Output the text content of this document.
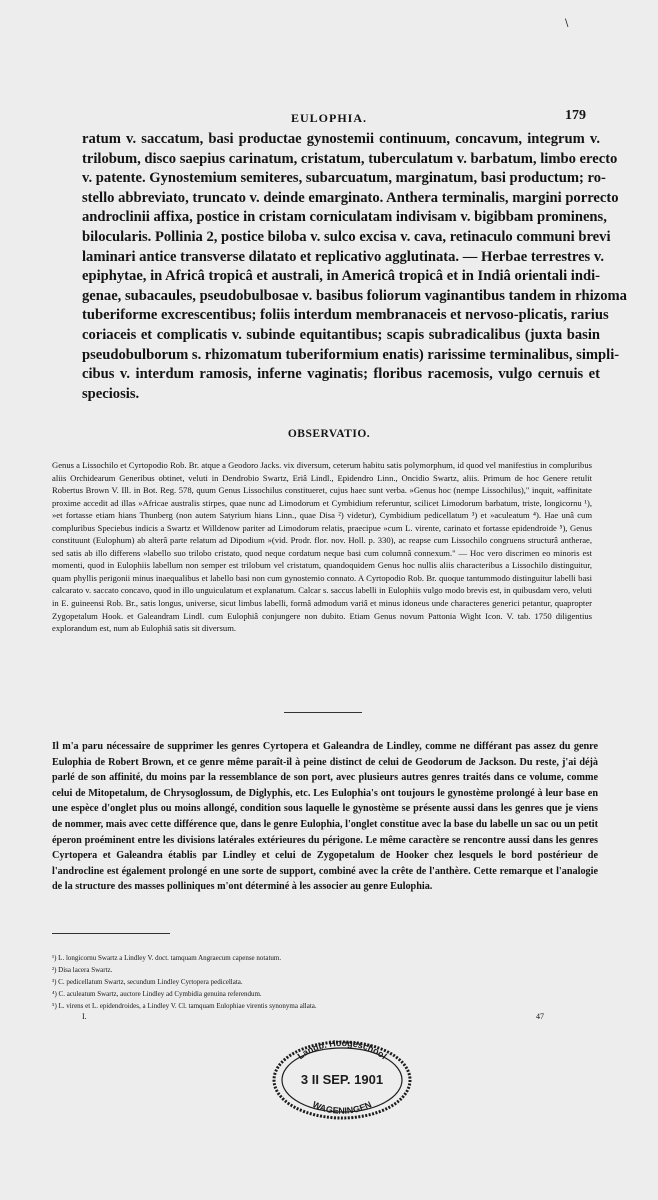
\
EULOPHIA.	179
ratum v. saccatum, basi productae gynostemii continuum, concavum, integrum v.
trilobum, disco saepius carinatum, cristatum, tuberculatum v. barbatum, limbo erecto
v. patente. Gynostemium semiteres, subarcuatum, marginatum, basi productum; ro-
stello abbreviato, truncato v. deinde emarginato. Anthera terminalis, margini porrecto
androclinii affixa, postice in cristam corniculatam indivisam v. bigibbam prominens,
bilocularis. Pollinia 2, postice biloba v. sulco excisa v. cava, retinaculo communi brevi
laminari antice transverse dilatato et replicativo agglutinata. — Herbae terrestres v.
epiphytae, in Africâ tropicâ et australi, in Americâ tropicâ et in Indiâ orientali indi-
genae, subacaules, pseudobulbosae v. basibus foliorum vaginantibus tandem in rhizoma
tuberiforme excrescentibus; foliis interdum membranaceis et nervoso-plicatis, rarius
coriaceis et complicatis v. subinde equitantibus; scapis subradicalibus (juxta basin
pseudobulborum s. rhizomatum tuberiformium enatis) rarissime terminalibus, simpli-
cibus v. interdum ramosis, inferne vaginatis; floribus racemosis, vulgo cernuis et
speciosis.
OBSERVATIO.
Genus a Lissochilo et Cyrtopodio Rob. Br. atque a Geodoro Jacks. vix diversum, ceterum habitu satis polymorphum, id quod vel manifestius in compluribus aliis Orchidearum Generibus obtinet, veluti in Dendrobio Swartz, Eriâ Lindl., Epidendro Linn., Oncidio Swartz, aliis. Primum de hoc Genere retulit Robertus Brown V. Ill. in Bot. Reg. 578, quum Genus Lissochilus constitueret, cujus haec sunt verba. »Genus hoc (nempe Lissochilus)," inquit, »affinitate proxime accedit ad illas »Africae australis stirpes, quae nunc ad Limodorum et Cymbidium referuntur, scilicet Limodorum barbatum, triste, longicornu ¹), »et fortasse etiam hians Thunberg (non autem Satyrium hians Linn., quae Disa ²) videtur), Cymbidium pedicellatum ³) et »aculeatum ⁴). Hae unâ cum compluribus Speciebus indicis a Swartz et Willdenow pariter ad Limodorum relatis, praecipue »cum L. virente, carinato et fortasse epidendroide ⁵), Genus constituunt (Eulophum) ab alterâ parte relatum ad Dipodium »(vid. Prodr. flor. nov. Holl. p. 330), ac reapse cum Lissochilo congruens structurâ antherae, sed satis ab illo differens »labello suo trilobo cristato, quod neque cordatum neque basi cum columnâ connexum." — Hoc vero discrimen eo minoris est momenti, quod in Eulophiis labellum non semper est trilobum vel cristatum, quandoquidem Genus hoc nullis aliis characteribus a Lissochilo distinguitur, quam phyllis perigonii minus inaequalibus et labello basi non cum gynostemio connato. A Cyrtopodio Rob. Br. quoque tantummodo distinguitur labelli basi calcarato v. saccato concavo, quod in illo unguiculatum et explanatum. Calcar s. saccus labelli in Eulophiis vulgo modo brevis est, in quibusdam vero, veluti in E. guineensi Rob. Br., satis longus, universe, sicut limbus labelli, formâ admodum variâ et minus idoneus unde characteres generici petantur, quapropter Zygopetalum Hook. et Galeandram Lindl. cum Eulophiâ conjungere non dubito. Etiam Genus novum Pattonia Wight Icon. V. tab. 1750 diligentius explorandum est, num ab Eulophiâ satis sit diversum.
Il m'a paru nécessaire de supprimer les genres Cyrtopera et Galeandra de Lindley, comme ne différant pas assez du genre Eulophia de Robert Brown, et ce genre même paraît-il à peine distinct de celui de Geodorum de Jackson. Du reste, j'ai déjà parlé de son affinité, du moins par la ressemblance de son port, avec plusieurs autres genres traités dans ce volume, comme celui de Mitopetalum, de Chrysoglossum, de Diglyphis, etc. Les Eulophia's ont toujours le gynostème prolongé à leur base en une espèce d'onglet plus ou moins allongé, condition sous laquelle le gynostème se présente aussi dans les genres que je viens de nommer, mais avec cette différence que, dans le genre Eulophia, l'onglet constitue avec la base du labelle un sac ou un petit éperon proéminent entre les divisions latérales extérieures du périgone. Le même caractère se rencontre aussi dans les genres Cyrtopera et Galeandra établis par Lindley et celui de Zygopetalum de Hooker chez lesquels le bord postérieur de l'androcline est également prolongé en une sorte de support, combiné avec la crête de l'anthère. Cette remarque et l'analogie de la structure des masses polliniques m'ont déterminé à les associer au genre Eulophia.
¹) L. longicornu Swartz a Lindley V. doct. tamquam Angraecum capense notatum.
²) Disa lacera Swartz.
³) C. pedicellatum Swartz, secundum Lindley Cyrtopera pedicellata.
⁴) C. aculeatum Swartz, auctore Lindley ad Cymbidia genuina referendum.
⁵) L. virens et L. epidendroides, a Lindley V. Cl. tamquam Eulophiae virentis synonyma allata.
I.	47
Landb. Hoogeschool
3 II SEP. 1901
WAGENINGEN
